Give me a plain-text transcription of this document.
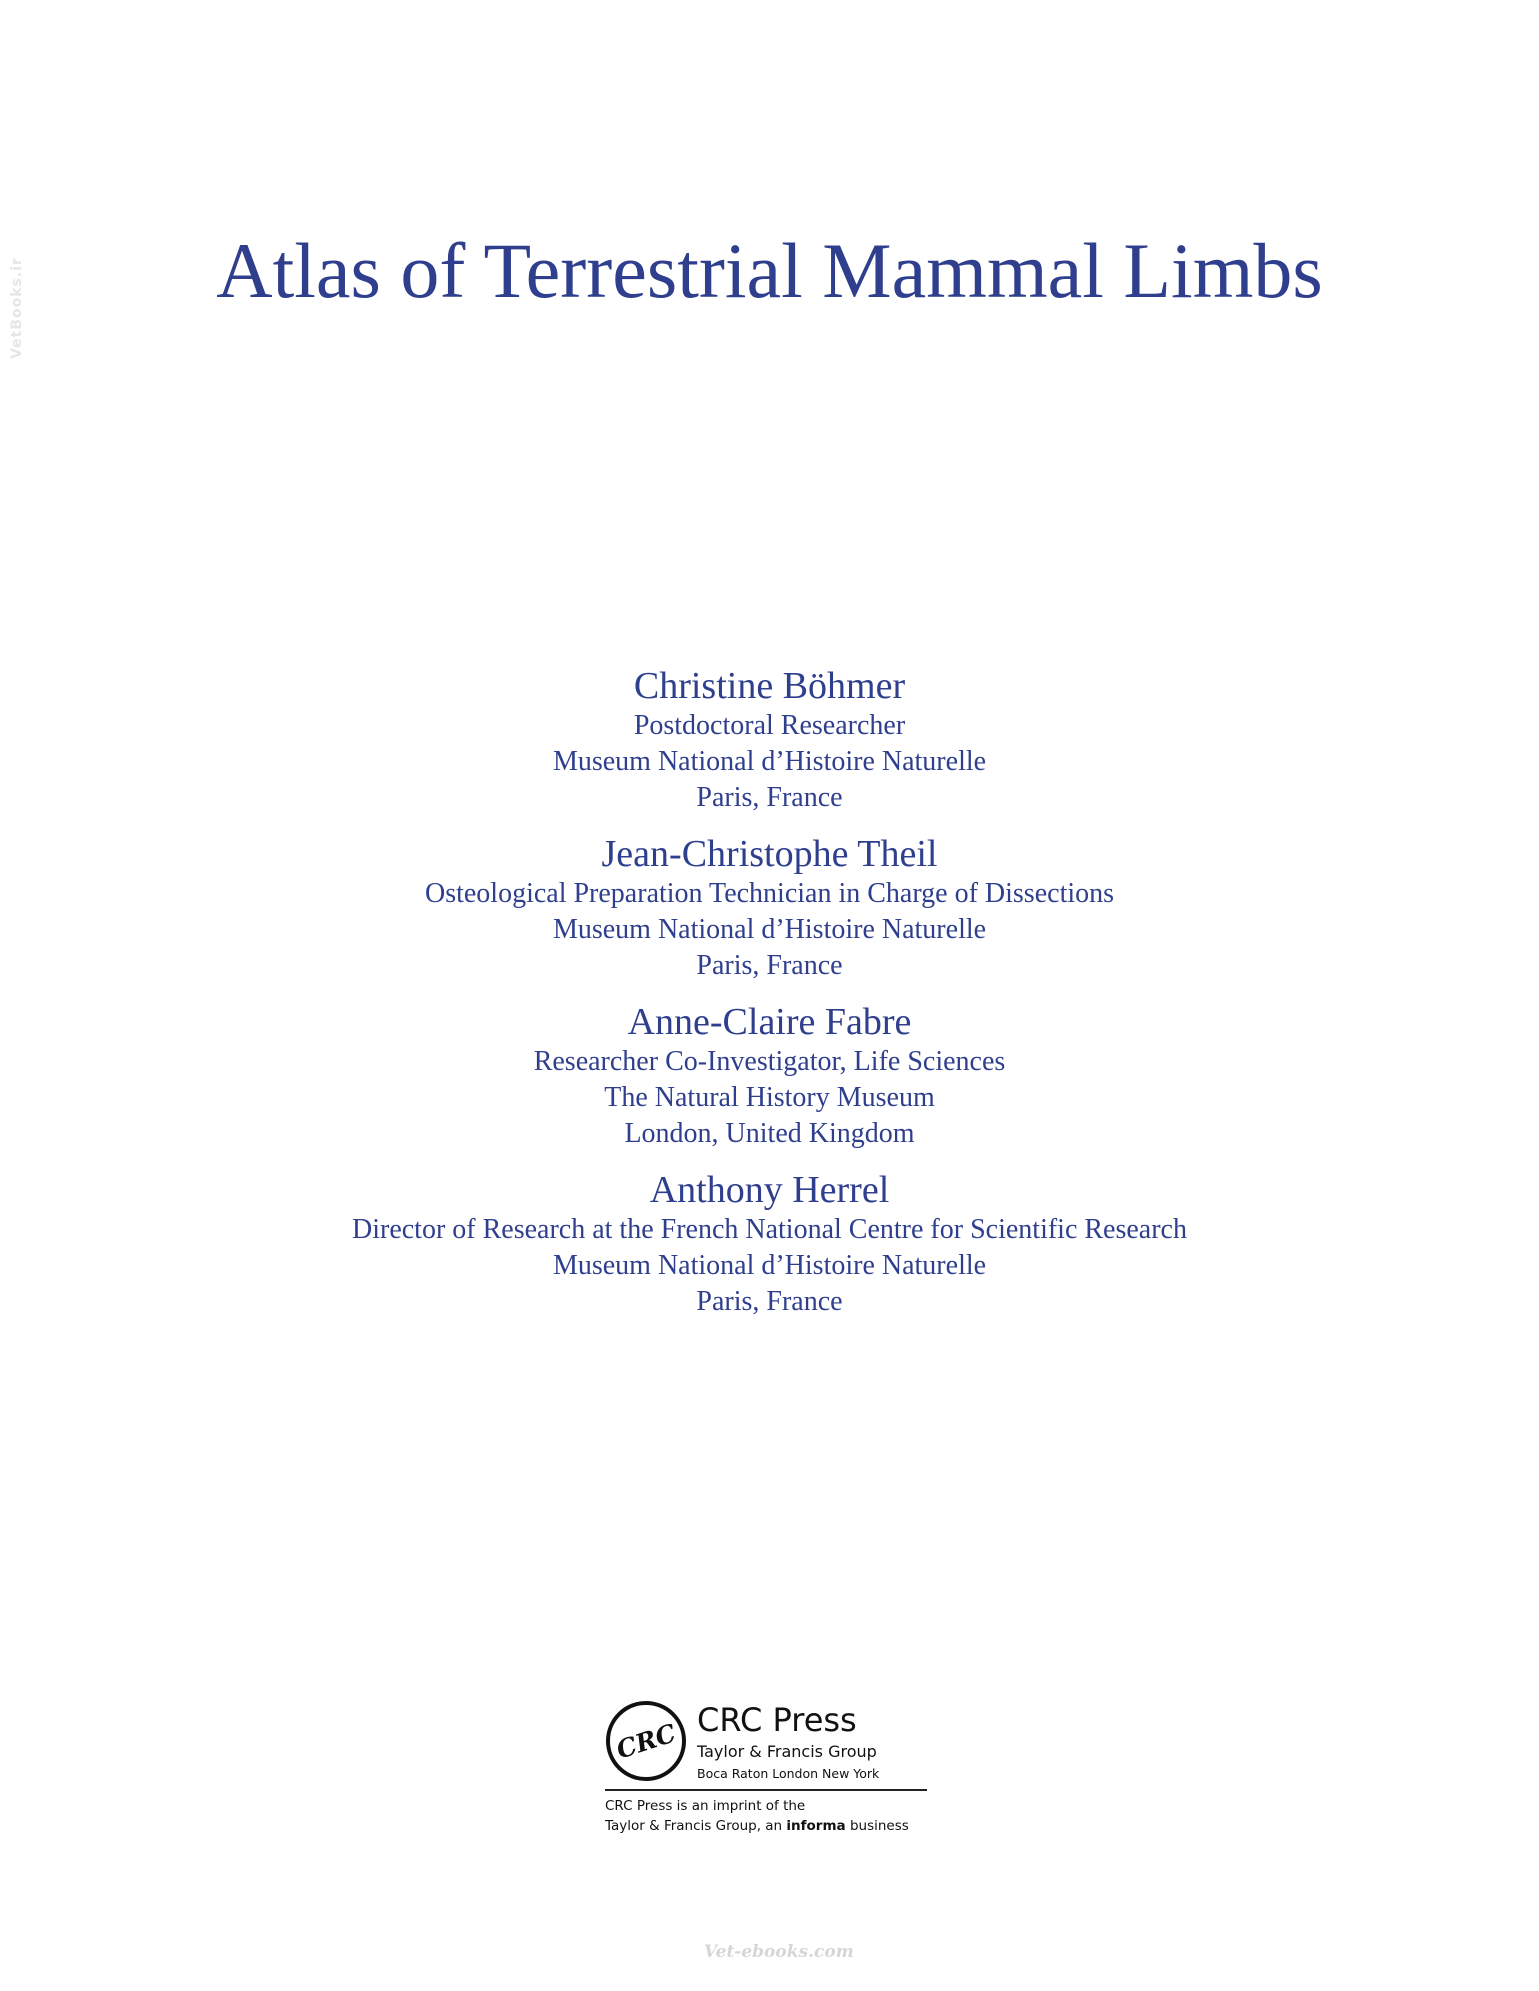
VetBooks.ir	Atlas of Terrestrial Mammal Limbs
Christine Böhmer
Postdoctoral Researcher
Museum National d’Histoire Naturelle
Paris, France
Jean-Christophe Theil
Osteological Preparation Technician in Charge of Dissections
Museum National d’Histoire Naturelle
Paris, France
Anne-Claire Fabre
Researcher Co-Investigator, Life Sciences
The Natural History Museum
London, United Kingdom
Anthony Herrel
Director of Research at the French National Centre for Scientific Research
Museum National d’Histoire Naturelle
Paris, France
CRC CRC Press
Taylor & Francis Group
Boca Raton London New York
CRC Press is an imprint of the
Taylor & Francis Group, an informa business
Vet-ebooks.com
